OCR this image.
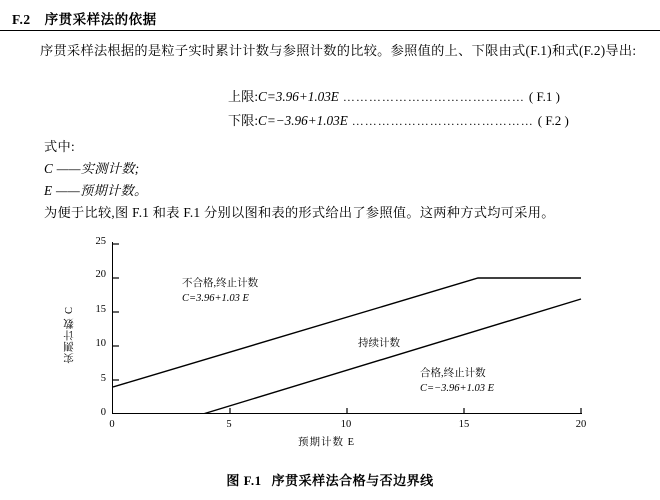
F.2 序贯采样法的依据
序贯采样法根据的是粒子实时累计计数与参照计数的比较。参照值的上、下限由式(F.1)和式(F.2)导出:
上限:C=3.96+1.03E …………………………………… ( F.1 )
下限:C=−3.96+1.03E …………………………………… ( F.2 )
式中:
C ——实测计数;
E ——预期计数。
为便于比较,图 F.1 和表 F.1 分别以图和表的形式给出了参照值。这两种方式均可采用。
实测计数 C
预期计数 E
25
20
15
10
5
0
0	5	10	15	20
不合格,终止计数
C=3.96+1.03 E
持续计数
合格,终止计数
C=−3.96+1.03 E
图 F.1 序贯采样法合格与否边界线
